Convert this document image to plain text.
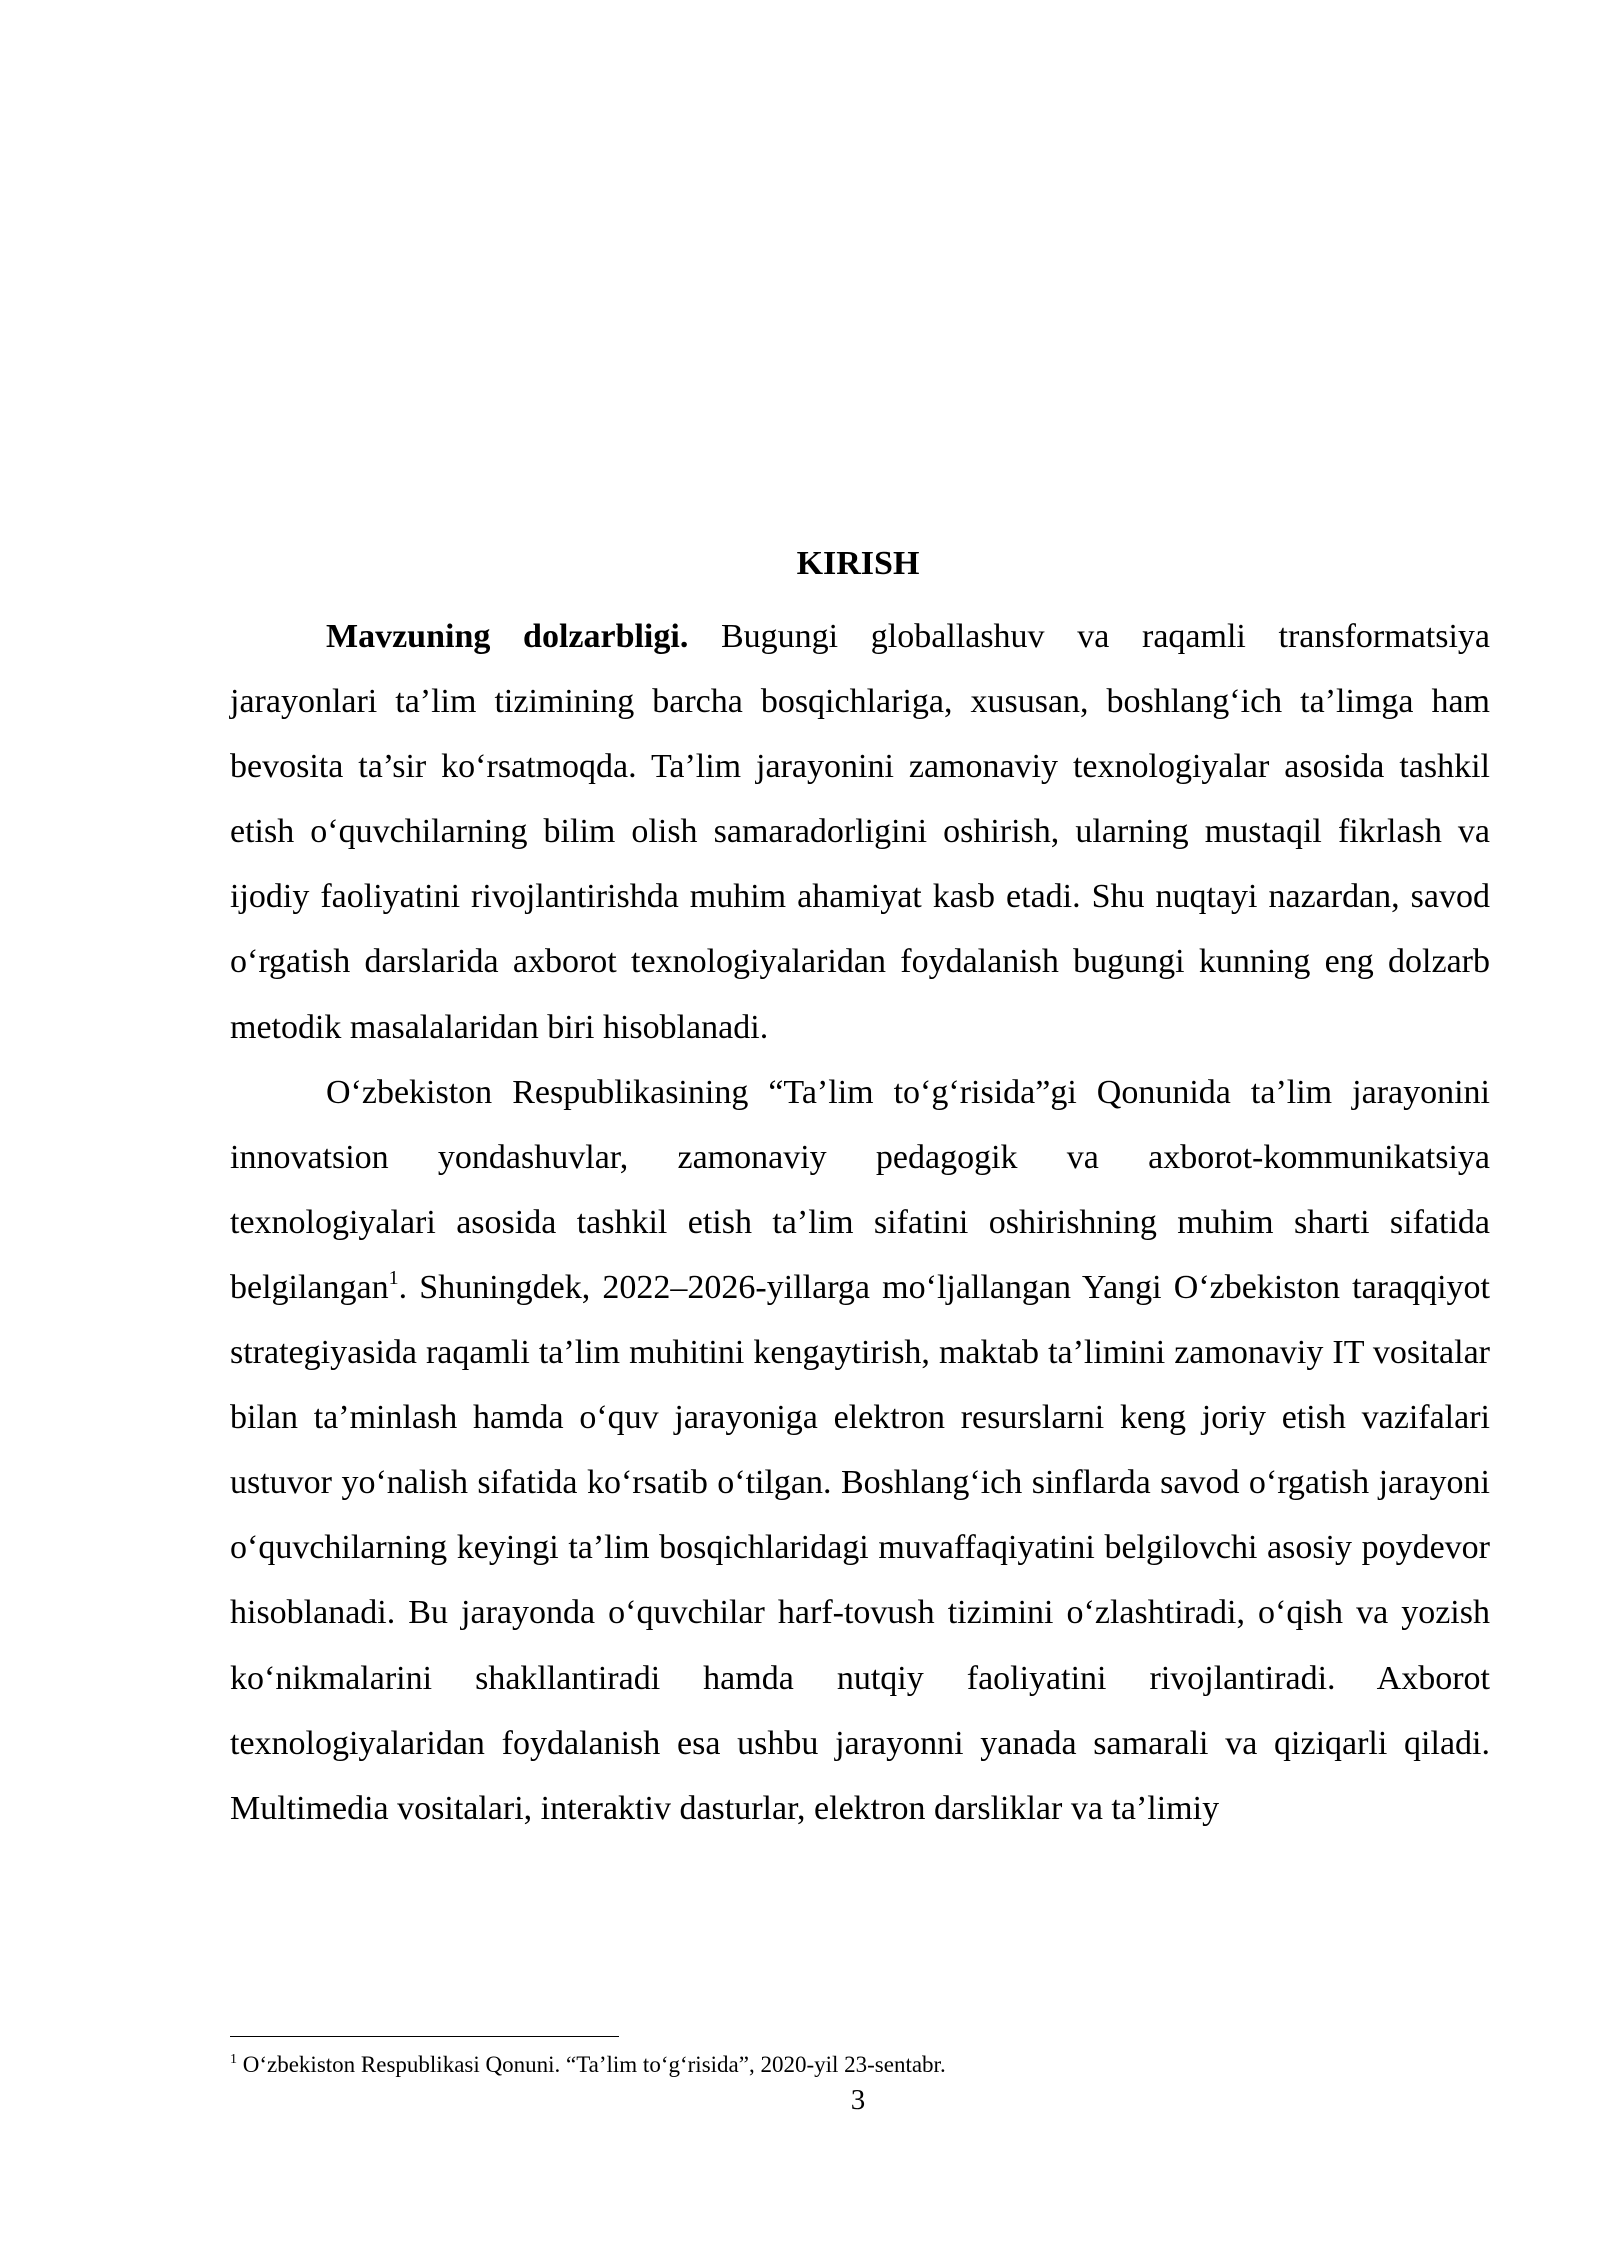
KIRISH

Mavzuning dolzarbligi. Bugungi globallashuv va raqamli transformatsiya jarayonlari ta’lim tizimining barcha bosqichlariga, xususan, boshlang‘ich ta’limga ham bevosita ta’sir ko‘rsatmoqda. Ta’lim jarayonini zamonaviy texnologiyalar asosida tashkil etish o‘quvchilarning bilim olish samaradorligini oshirish, ularning mustaqil fikrlash va ijodiy faoliyatini rivojlantirishda muhim ahamiyat kasb etadi. Shu nuqtayi nazardan, savod o‘rgatish darslarida axborot texnologiyalaridan foydalanish bugungi kunning eng dolzarb metodik masalalaridan biri hisoblanadi.

O‘zbekiston Respublikasining “Ta’lim to‘g‘risida”gi Qonunida ta’lim jarayonini innovatsion yondashuvlar, zamonaviy pedagogik va axborot-kommunikatsiya texnologiyalari asosida tashkil etish ta’lim sifatini oshirishning muhim sharti sifatida belgilangan$^1$. Shuningdek, 2022–2026-yillarga mo‘ljallangan Yangi O‘zbekiston taraqqiyot strategiyasida raqamli ta’lim muhitini kengaytirish, maktab ta’limini zamonaviy IT vositalar bilan ta’minlash hamda o‘quv jarayoniga elektron resurslarni keng joriy etish vazifalari ustuvor yo‘nalish sifatida ko‘rsatib o‘tilgan. Boshlang‘ich sinflarda savod o‘rgatish jarayoni o‘quvchilarning keyingi ta’lim bosqichlaridagi muvaffaqiyatini belgilovchi asosiy poydevor hisoblanadi. Bu jarayonda o‘quvchilar harf-tovush tizimini o‘zlashtiradi, o‘qish va yozish ko‘nikmalarini shakllantiradi hamda nutqiy faoliyatini rivojlantiradi. Axborot texnologiyalaridan foydalanish esa ushbu jarayonni yanada samarali va qiziqarli qiladi. Multimedia vositalari, interaktiv dasturlar, elektron darsliklar va ta’limiy

$^1$ O‘zbekiston Respublikasi Qonuni. “Ta’lim to‘g‘risida”, 2020-yil 23-sentabr.

3
